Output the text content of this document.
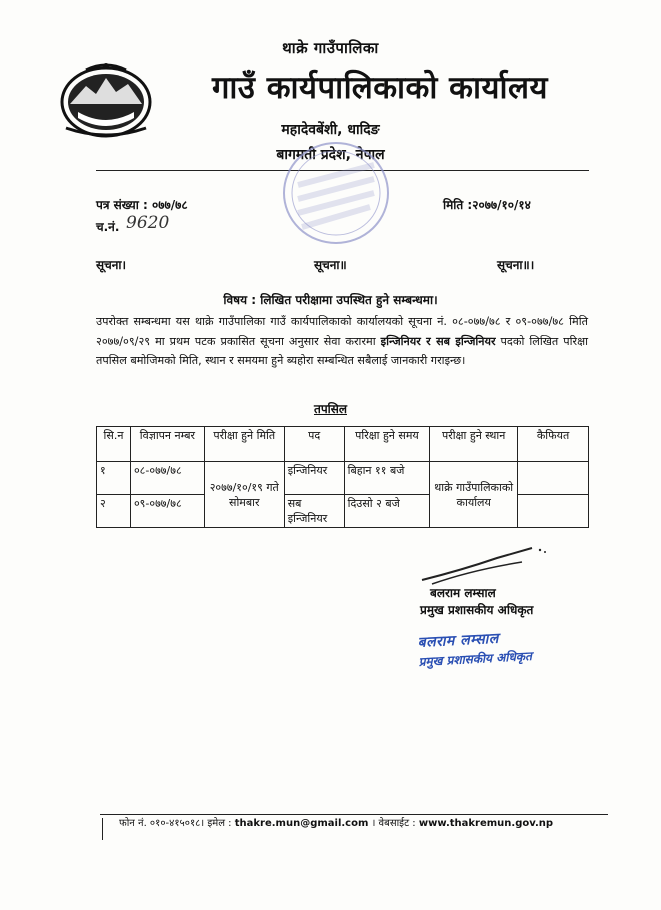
थाक्रे गाउँपालिका
गाउँ कार्यपालिकाको कार्यालय
महादेवबेंशी, धादिङ
बागमती प्रदेश, नेपाल
पत्र संख्या : ०७७/७८
च.नं. 9620
मिति :२०७७/१०/१४
सूचना।	सूचना॥	सूचना॥।
विषय : लिखित परीक्षामा उपस्थित हुने सम्बन्धमा।
उपरोक्त सम्बन्धमा यस थाक्रे गाउँपालिका गाउँ कार्यपालिकाको कार्यालयको सूचना नं. ०८-०७७/७८ र ०९-०७७/७८ मिति २०७७/०९/२९ मा प्रथम पटक प्रकासित सूचना अनुसार सेवा करारमा इन्जिनियर र सब इन्जिनियर पदको लिखित परिक्षा तपसिल बमोजिमको मिति, स्थान र समयमा हुने ब्यहोरा सम्बन्धित सबैलाई जानकारी गराइन्छ।
तपसिल
सि.न	विज्ञापन नम्बर	परीक्षा हुने मिति	पद	परिक्षा हुने समय	परीक्षा हुने स्थान	कैफियत
१	०८-०७७/७८	२०७७/१०/१९ गते सोमबार	इन्जिनियर	बिहान ११ बजे	थाक्रे गाउँपालिकाको कार्यालय	
२	०९-०७७/७८		सब इन्जिनियर	दिउसो २ बजे		
बलराम लम्साल
प्रमुख प्रशासकीय अधिकृत
बलराम लम्साल
प्रमुख प्रशासकीय अधिकृत
फोन नं. ०१०-४१५०१८। इमेल : thakre.mun@gmail.com । वेबसाईट : www.thakremun.gov.np
